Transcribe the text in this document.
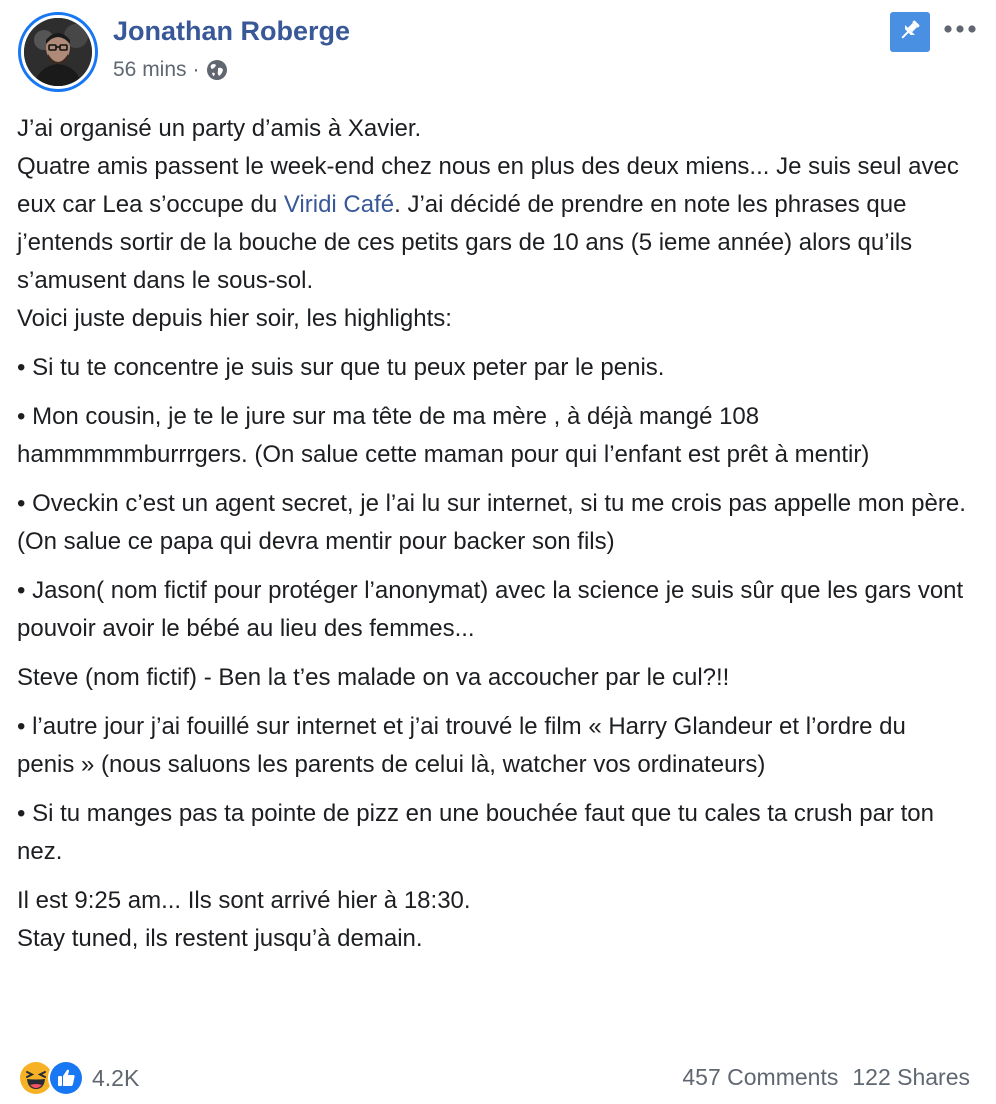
Jonathan Roberge
56 mins ·

J’ai organisé un party d’amis à Xavier.
Quatre amis passent le week-end chez nous en plus des deux miens... Je suis seul avec eux car Lea s’occupe du Viridi Café. J’ai décidé de prendre en note les phrases que j’entends sortir de la bouche de ces petits gars de 10 ans (5 ieme année) alors qu’ils s’amusent dans le sous-sol.
Voici juste depuis hier soir, les highlights:

• Si tu te concentre je suis sur que tu peux peter par le penis.

• Mon cousin, je te le jure sur ma tête de ma mère , à déjà mangé 108 hammmmmburrrgers. (On salue cette maman pour qui l’enfant est prêt à mentir)

• Oveckin c’est un agent secret, je l’ai lu sur internet, si tu me crois pas appelle mon père. (On salue ce papa qui devra mentir pour backer son fils)

• Jason( nom fictif pour protéger l’anonymat) avec la science je suis sûr que les gars vont pouvoir avoir le bébé au lieu des femmes...

Steve (nom fictif) - Ben la t’es malade on va accoucher par le cul?!!

• l’autre jour j’ai fouillé sur internet et j’ai trouvé le film « Harry Glandeur et l’ordre du penis » (nous saluons les parents de celui là, watcher vos ordinateurs)

• Si tu manges pas ta pointe de pizz en une bouchée faut que tu cales ta crush par ton nez.

Il est 9:25 am... Ils sont arrivé hier à 18:30.
Stay tuned, ils restent jusqu’à demain.

4.2K	457 Comments 122 Shares
